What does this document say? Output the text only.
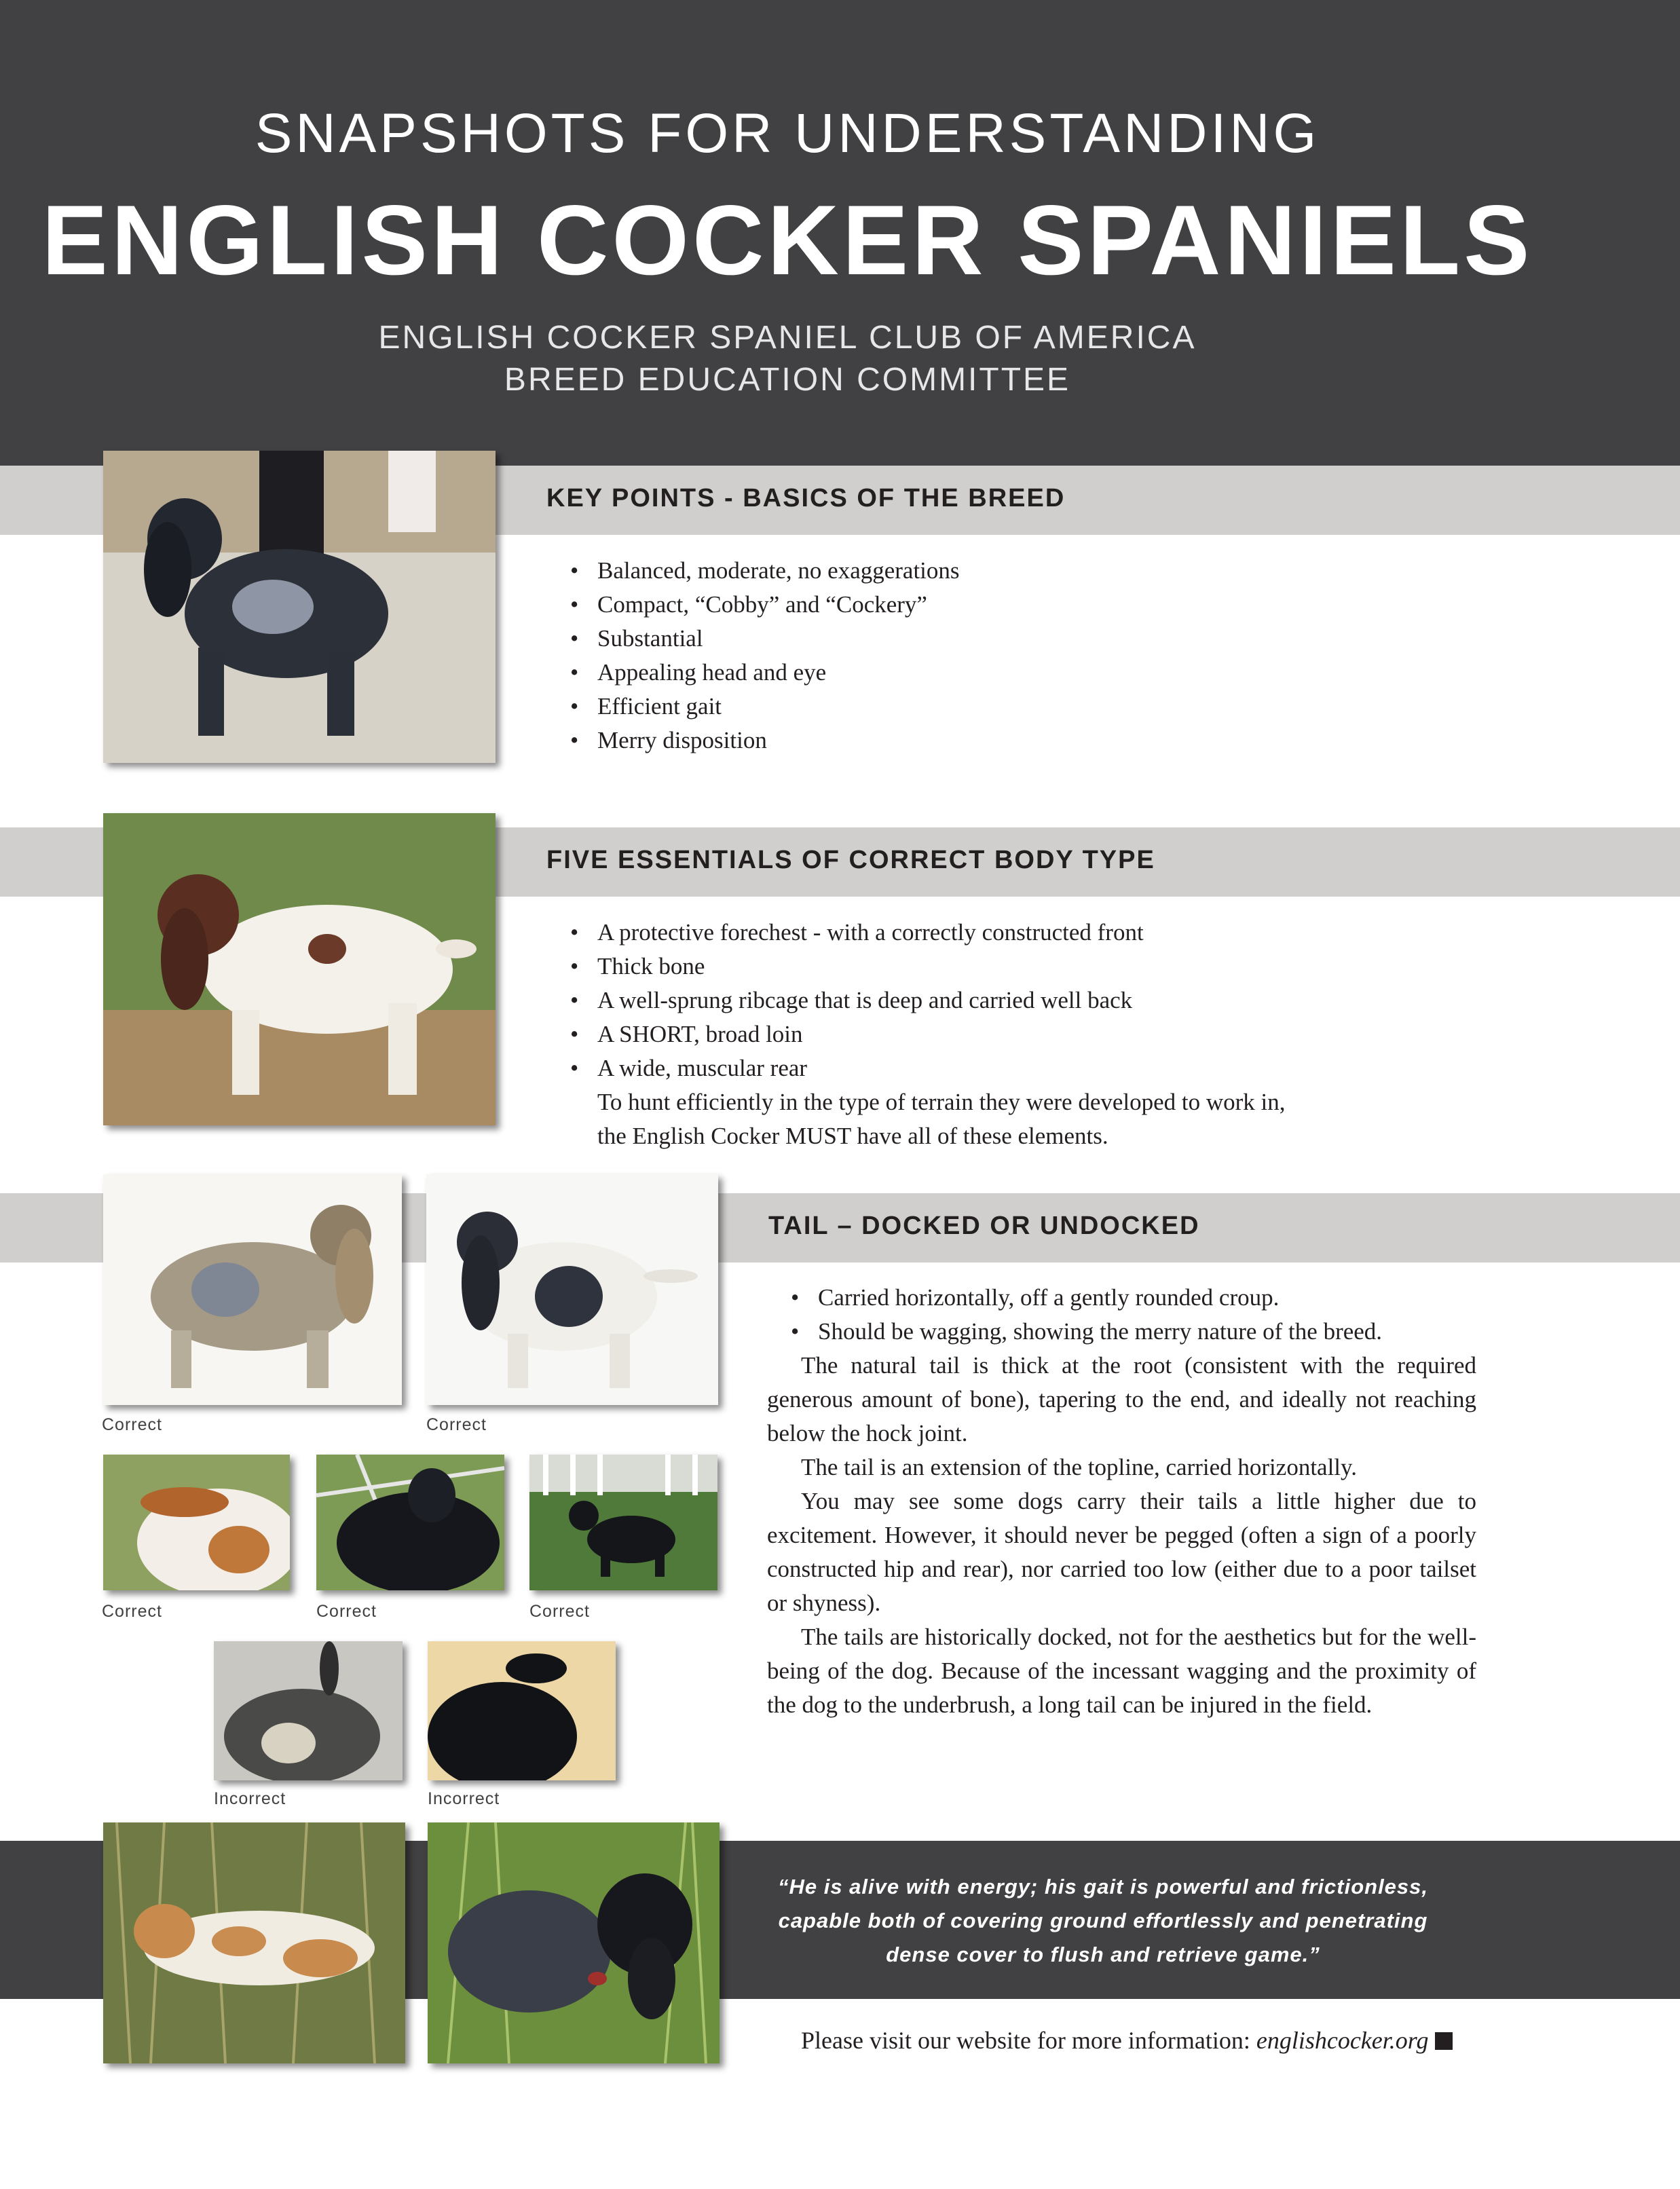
SNAPSHOTS FOR UNDERSTANDING
ENGLISH COCKER SPANIELS
ENGLISH COCKER SPANIEL CLUB OF AMERICA
BREED EDUCATION COMMITTEE
KEY POINTS - BASICS OF THE BREED
• Balanced, moderate, no exaggerations
• Compact, “Cobby” and “Cockery”
• Substantial
• Appealing head and eye
• Efficient gait
• Merry disposition
FIVE ESSENTIALS OF CORRECT BODY TYPE
• A protective forechest - with a correctly constructed front
• Thick bone
• A well-sprung ribcage that is deep and carried well back
• A SHORT, broad loin
• A wide, muscular rear
To hunt efficiently in the type of terrain they were developed to work in,
the English Cocker MUST have all of these elements.
TAIL – DOCKED OR UNDOCKED
Correct	Correct
Correct	Correct	Correct
Incorrect	Incorrect
• Carried horizontally, off a gently rounded croup.
• Should be wagging, showing the merry nature of the breed.

The natural tail is thick at the root (consistent with the required generous amount of bone), tapering to the end, and ideally not reaching below the hock joint.

The tail is an extension of the topline, carried horizontally.

You may see some dogs carry their tails a little higher due to excitement. However, it should never be pegged (often a sign of a poorly constructed hip and rear), nor carried too low (either due to a poor tailset or shyness).

The tails are historically docked, not for the aesthetics but for the well-being of the dog. Because of the incessant wagging and the proximity of the dog to the underbrush, a long tail can be injured in the field.

“He is alive with energy; his gait is powerful and frictionless, capable both of covering ground effortlessly and penetrating dense cover to flush and retrieve game.”
Please visit our website for more information: englishcocker.org
